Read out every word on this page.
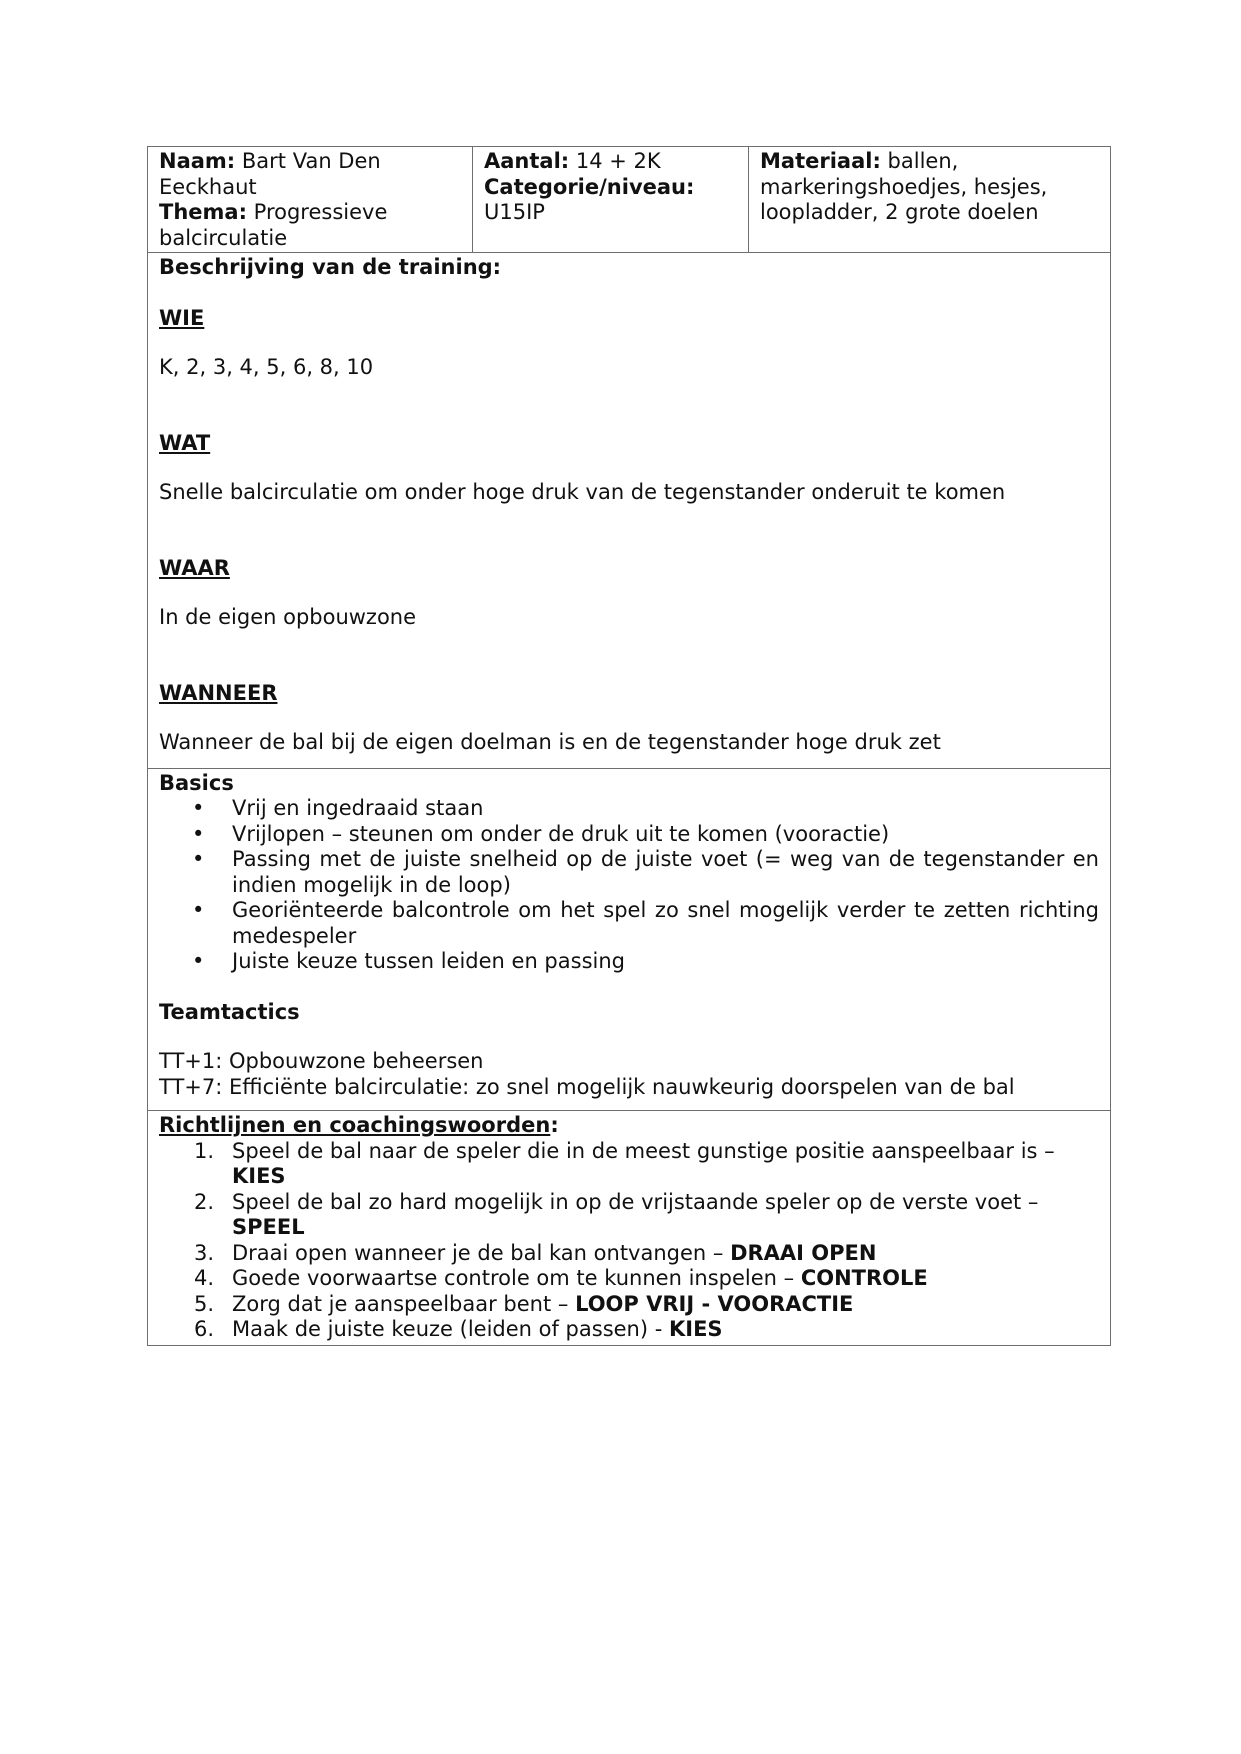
Naam: Bart Van Den Eeckhaut
Thema: Progressieve balcirculatie

Aantal: 14 + 2K
Categorie/niveau:
U15IP

Materiaal: ballen, markeringshoedjes, hesjes, loopladder, 2 grote doelen

Beschrijving van de training:
WIE
K, 2, 3, 4, 5, 6, 8, 10
WAT
Snelle balcirculatie om onder hoge druk van de tegenstander onderuit te komen
WAAR
In de eigen opbouwzone
WANNEER
Wanneer de bal bij de eigen doelman is en de tegenstander hoge druk zet

Basics
• Vrij en ingedraaid staan
• Vrijlopen – steunen om onder de druk uit te komen (vooractie)
• Passing met de juiste snelheid op de juiste voet (= weg van de tegenstander en indien mogelijk in de loop)
• Georiënteerde balcontrole om het spel zo snel mogelijk verder te zetten richting medespeler
• Juiste keuze tussen leiden en passing
Teamtactics
TT+1: Opbouwzone beheersen
TT+7: Efficiënte balcirculatie: zo snel mogelijk nauwkeurig doorspelen van de bal

Richtlijnen en coachingswoorden:
1. Speel de bal naar de speler die in de meest gunstige positie aanspeelbaar is – KIES
2. Speel de bal zo hard mogelijk in op de vrijstaande speler op de verste voet – SPEEL
3. Draai open wanneer je de bal kan ontvangen – DRAAI OPEN
4. Goede voorwaartse controle om te kunnen inspelen – CONTROLE
5. Zorg dat je aanspeelbaar bent – LOOP VRIJ - VOORACTIE
6. Maak de juiste keuze (leiden of passen) - KIES
